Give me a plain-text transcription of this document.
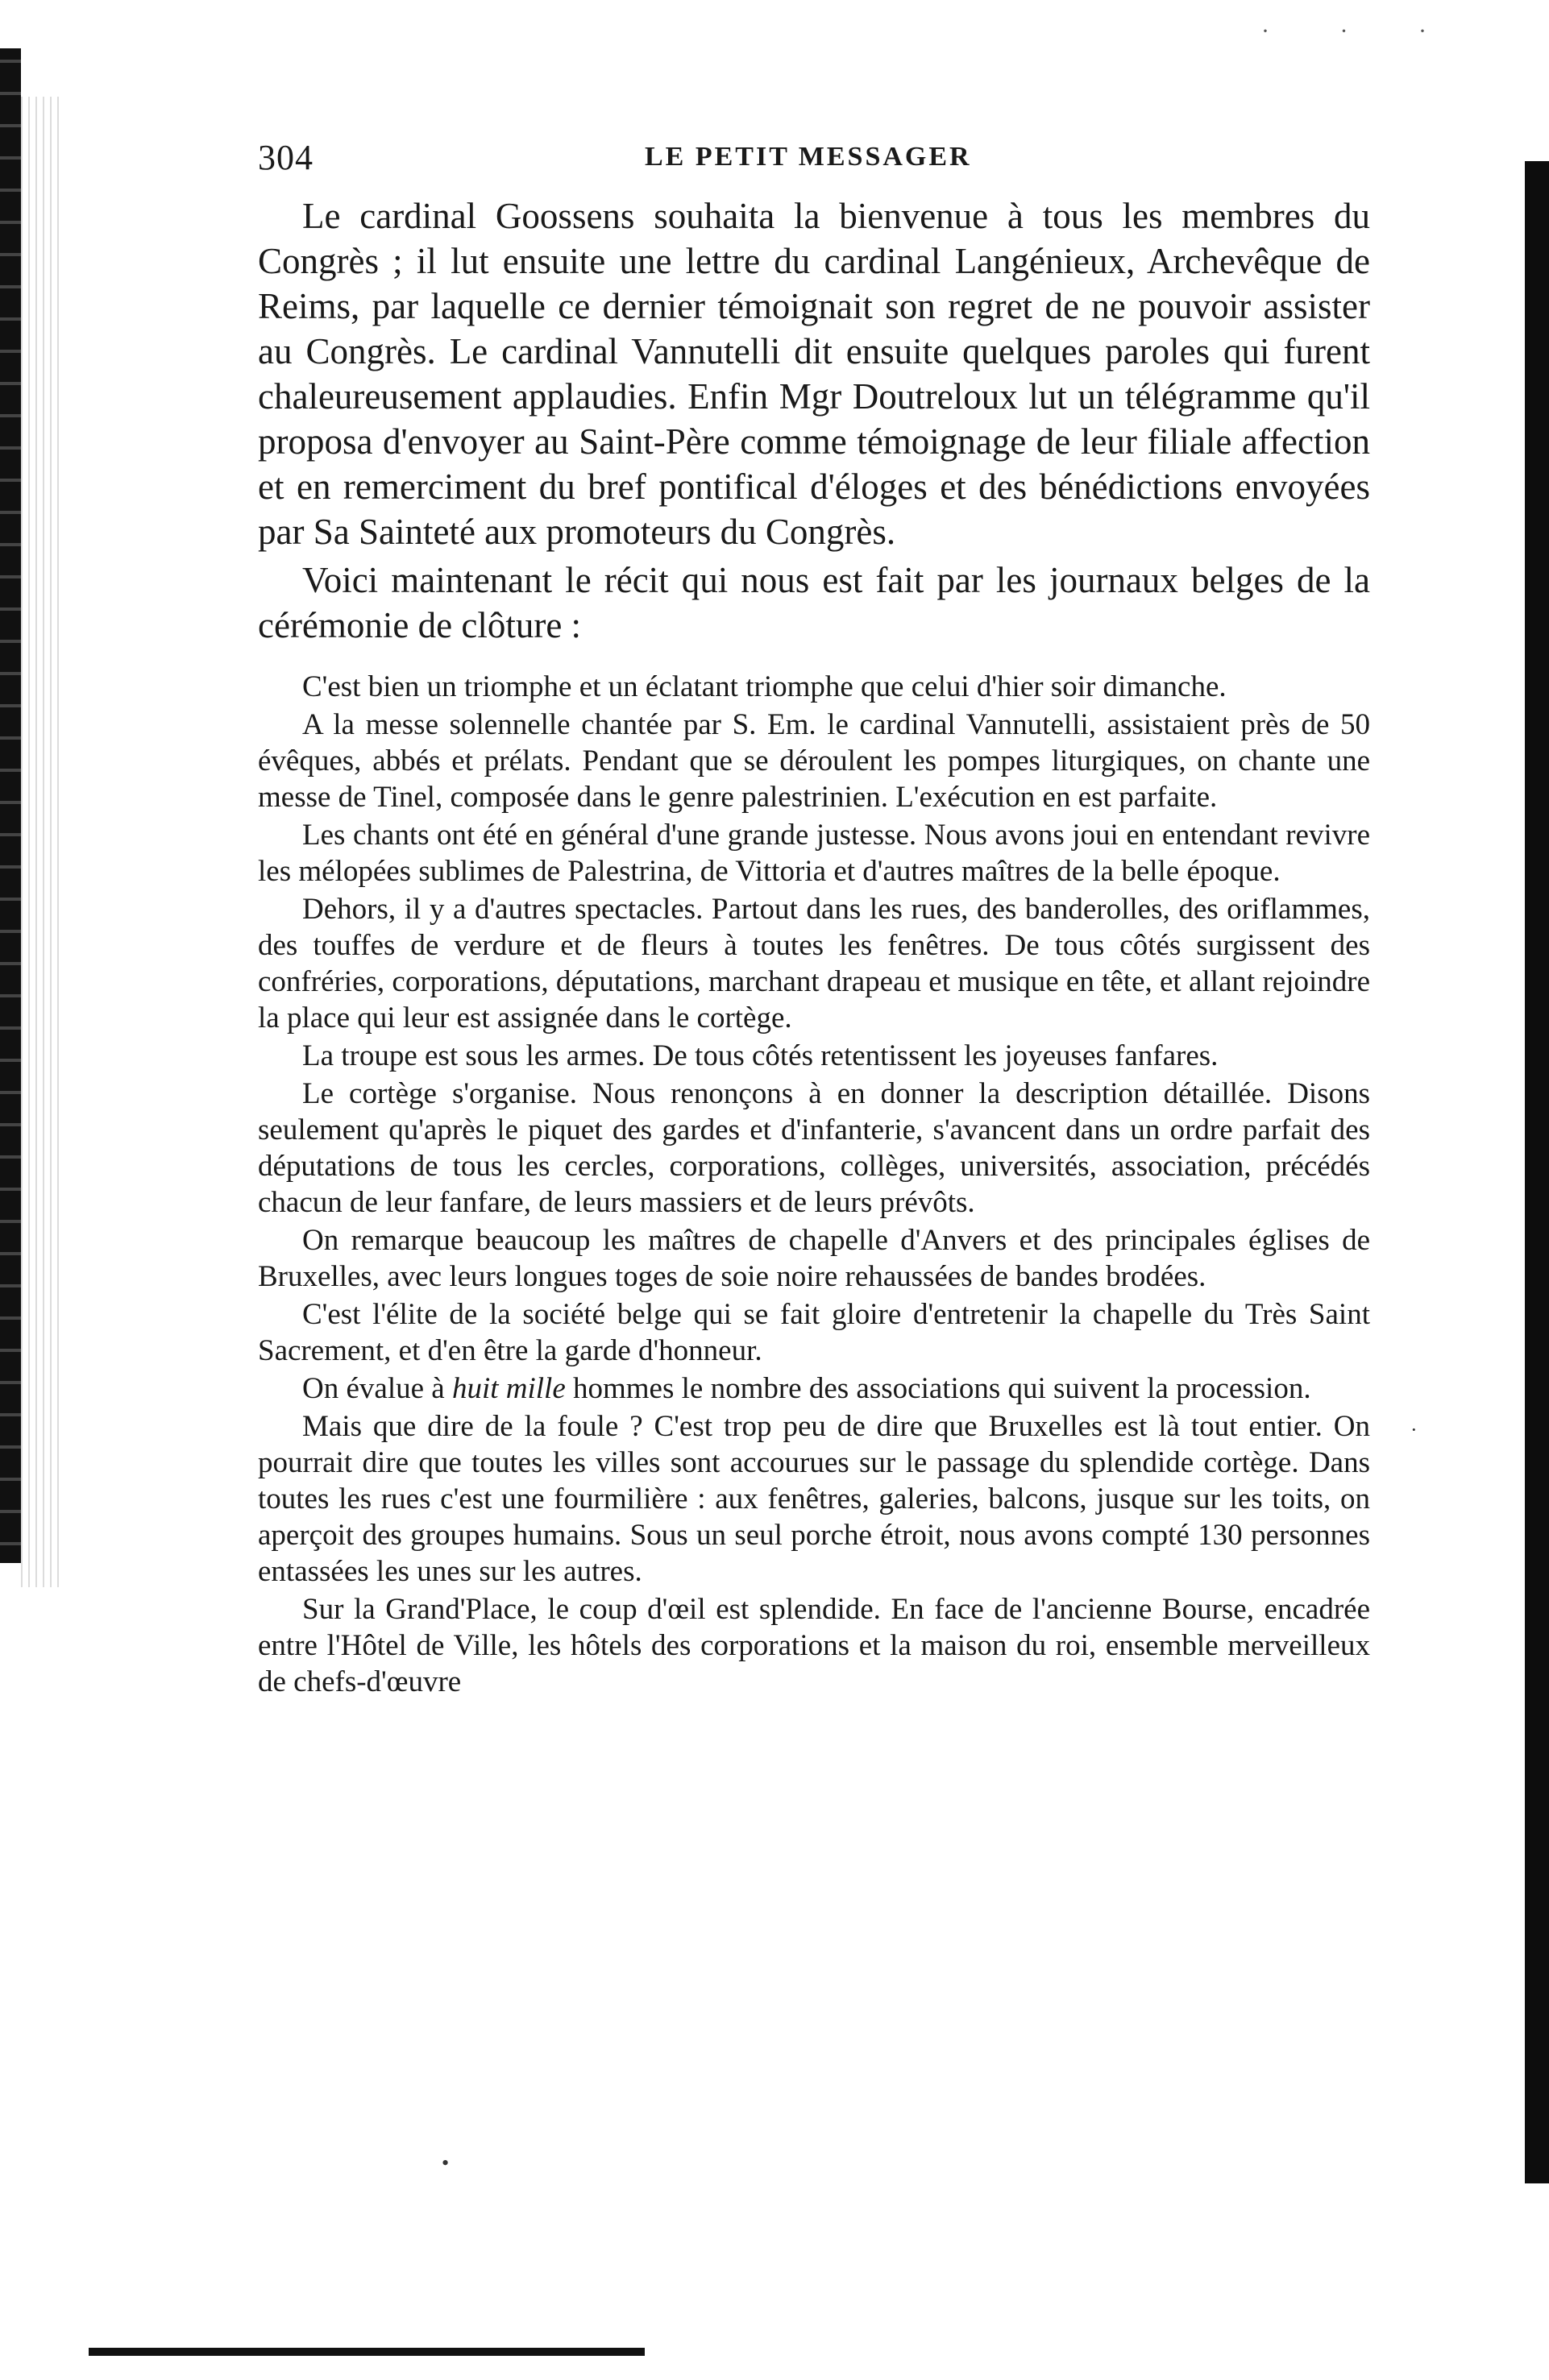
· · ·
·
•
304	LE PETIT MESSAGER

Le cardinal Goossens souhaita la bienvenue à tous les membres du Congrès ; il lut ensuite une lettre du cardinal Langénieux, Archevêque de Reims, par laquelle ce dernier témoignait son regret de ne pouvoir assister au Congrès. Le cardinal Vannutelli dit ensuite quelques paroles qui furent chaleureusement applaudies. Enfin Mgr Doutreloux lut un télégramme qu'il proposa d'envoyer au Saint-Père comme témoignage de leur filiale affection et en remerciment du bref pontifical d'éloges et des bénédictions envoyées par Sa Sainteté aux promoteurs du Congrès.

Voici maintenant le récit qui nous est fait par les journaux belges de la cérémonie de clôture :

C'est bien un triomphe et un éclatant triomphe que celui d'hier soir dimanche.

A la messe solennelle chantée par S. Em. le cardinal Vannutelli, assistaient près de 50 évêques, abbés et prélats. Pendant que se déroulent les pompes liturgiques, on chante une messe de Tinel, composée dans le genre palestrinien. L'exécution en est parfaite.

Les chants ont été en général d'une grande justesse. Nous avons joui en entendant revivre les mélopées sublimes de Palestrina, de Vittoria et d'autres maîtres de la belle époque.

Dehors, il y a d'autres spectacles. Partout dans les rues, des banderolles, des oriflammes, des touffes de verdure et de fleurs à toutes les fenêtres. De tous côtés surgissent des confréries, corporations, députations, marchant drapeau et musique en tête, et allant rejoindre la place qui leur est assignée dans le cortège.

La troupe est sous les armes. De tous côtés retentissent les joyeuses fanfares.

Le cortège s'organise. Nous renonçons à en donner la description détaillée. Disons seulement qu'après le piquet des gardes et d'infanterie, s'avancent dans un ordre parfait des députations de tous les cercles, corporations, collèges, universités, association, précédés chacun de leur fanfare, de leurs massiers et de leurs prévôts.

On remarque beaucoup les maîtres de chapelle d'Anvers et des principales églises de Bruxelles, avec leurs longues toges de soie noire rehaussées de bandes brodées.

C'est l'élite de la société belge qui se fait gloire d'entretenir la chapelle du Très Saint Sacrement, et d'en être la garde d'honneur.

On évalue à huit mille hommes le nombre des associations qui suivent la procession.

Mais que dire de la foule ? C'est trop peu de dire que Bruxelles est là tout entier. On pourrait dire que toutes les villes sont accourues sur le passage du splendide cortège. Dans toutes les rues c'est une fourmilière : aux fenêtres, galeries, balcons, jusque sur les toits, on aperçoit des groupes humains. Sous un seul porche étroit, nous avons compté 130 personnes entassées les unes sur les autres.

Sur la Grand'Place, le coup d'œil est splendide. En face de l'ancienne Bourse, encadrée entre l'Hôtel de Ville, les hôtels des corporations et la maison du roi, ensemble merveilleux de chefs-d'œuvre
